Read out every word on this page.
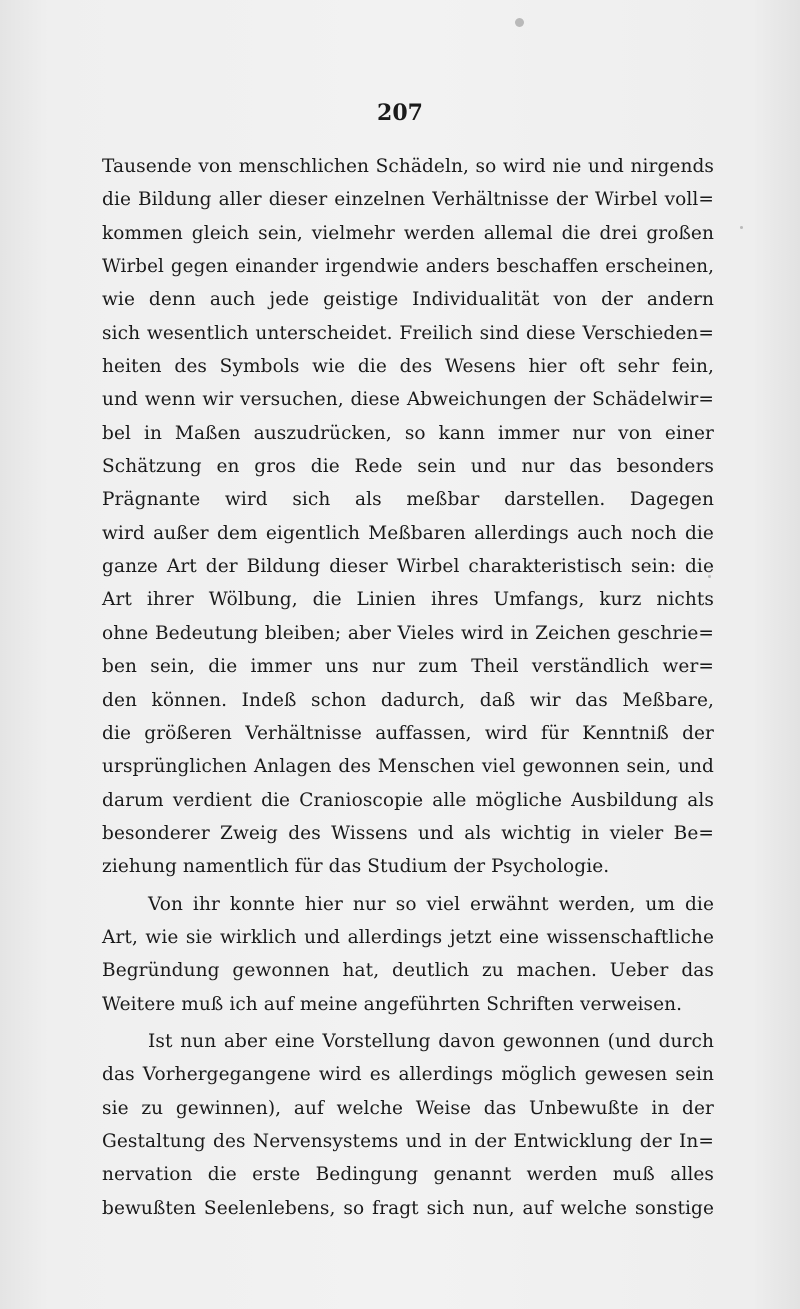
207
Tausende von menschlichen Schädeln, so wird nie und nirgends
die Bildung aller dieser einzelnen Verhältnisse der Wirbel voll=
kommen gleich sein, vielmehr werden allemal die drei großen
Wirbel gegen einander irgendwie anders beschaffen erscheinen,
wie denn auch jede geistige Individualität von der andern
sich wesentlich unterscheidet. Freilich sind diese Verschieden=
heiten des Symbols wie die des Wesens hier oft sehr fein,
und wenn wir versuchen, diese Abweichungen der Schädelwir=
bel in Maßen auszudrücken, so kann immer nur von einer
Schätzung en gros die Rede sein und nur das besonders
Prägnante wird sich als meßbar darstellen. Dagegen
wird außer dem eigentlich Meßbaren allerdings auch noch die
ganze Art der Bildung dieser Wirbel charakteristisch sein: die
Art ihrer Wölbung, die Linien ihres Umfangs, kurz nichts
ohne Bedeutung bleiben; aber Vieles wird in Zeichen geschrie=
ben sein, die immer uns nur zum Theil verständlich wer=
den können. Indeß schon dadurch, daß wir das Meßbare,
die größeren Verhältnisse auffassen, wird für Kenntniß der
ursprünglichen Anlagen des Menschen viel gewonnen sein, und
darum verdient die Cranioscopie alle mögliche Ausbildung als
besonderer Zweig des Wissens und als wichtig in vieler Be=
ziehung namentlich für das Studium der Psychologie.
Von ihr konnte hier nur so viel erwähnt werden, um die
Art, wie sie wirklich und allerdings jetzt eine wissenschaftliche
Begründung gewonnen hat, deutlich zu machen. Ueber das
Weitere muß ich auf meine angeführten Schriften verweisen.
Ist nun aber eine Vorstellung davon gewonnen (und durch
das Vorhergegangene wird es allerdings möglich gewesen sein
sie zu gewinnen), auf welche Weise das Unbewußte in der
Gestaltung des Nervensystems und in der Entwicklung der In=
nervation die erste Bedingung genannt werden muß alles
bewußten Seelenlebens, so fragt sich nun, auf welche sonstige
